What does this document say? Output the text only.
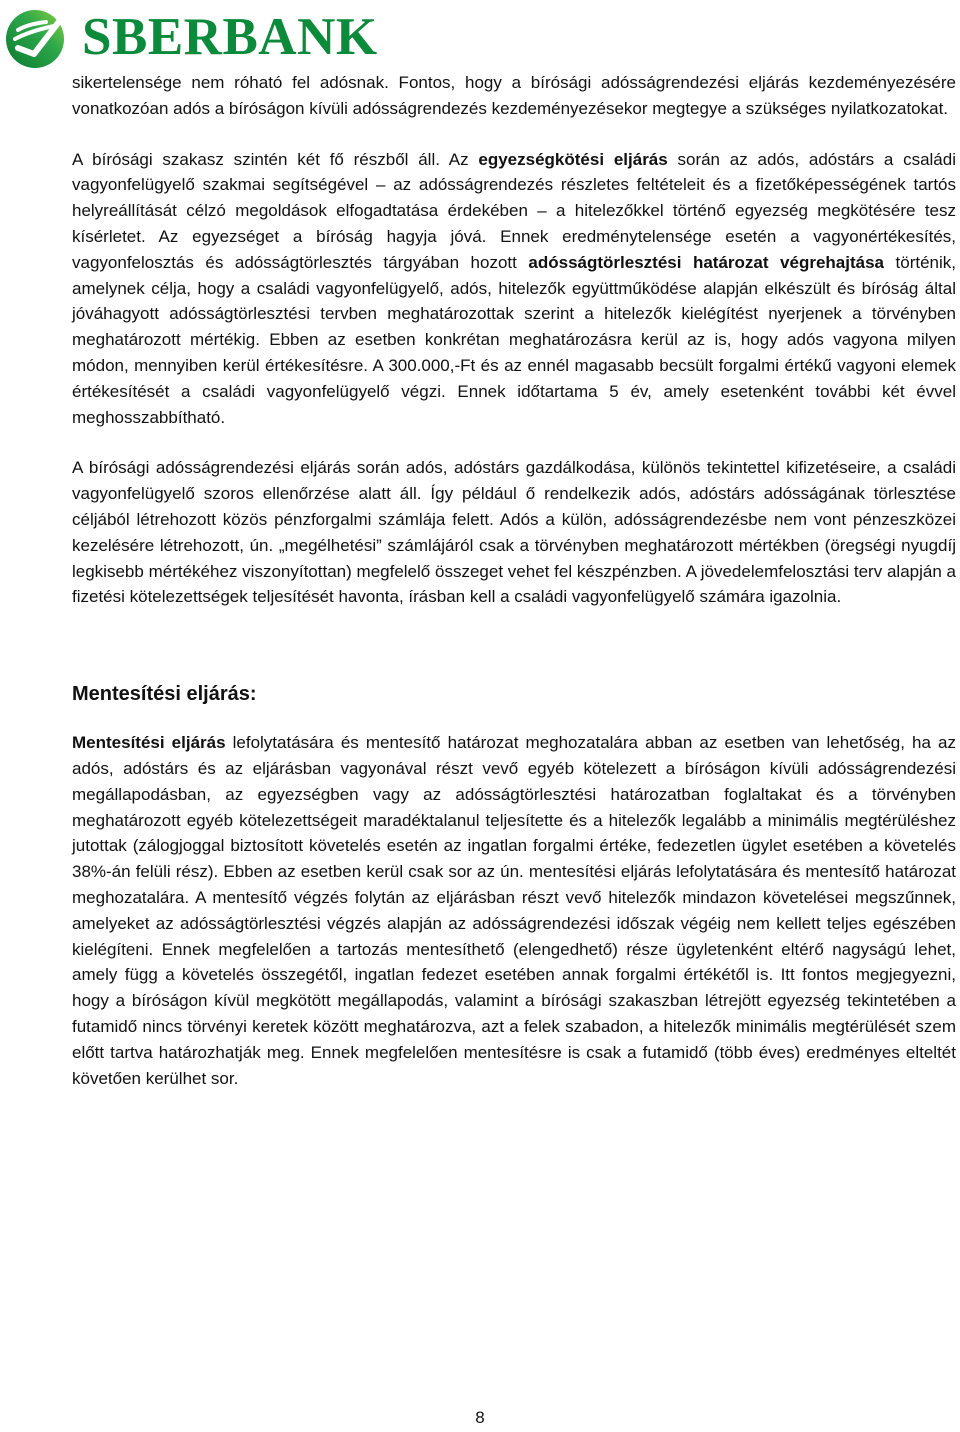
SBERBANK

sikertelensége nem róható fel adósnak. Fontos, hogy a bírósági adósságrendezési eljárás kezdeményezésére vonatkozóan adós a bíróságon kívüli adósságrendezés kezdeményezésekor megtegye a szükséges nyilatkozatokat.

A bírósági szakasz szintén két fő részből áll. Az egyezségkötési eljárás során az adós, adóstárs a családi vagyonfelügyelő szakmai segítségével – az adósságrendezés részletes feltételeit és a fizetőképességének tartós helyreállítását célzó megoldások elfogadtatása érdekében – a hitelezőkkel történő egyezség megkötésére tesz kísérletet. Az egyezséget a bíróság hagyja jóvá. Ennek eredménytelensége esetén a vagyonértékesítés, vagyonfelosztás és adósságtörlesztés tárgyában hozott adósságtörlesztési határozat végrehajtása történik, amelynek célja, hogy a családi vagyonfelügyelő, adós, hitelezők együttműködése alapján elkészült és bíróság által jóváhagyott adósságtörlesztési tervben meghatározottak szerint a hitelezők kielégítést nyerjenek a törvényben meghatározott mértékig. Ebben az esetben konkrétan meghatározásra kerül az is, hogy adós vagyona milyen módon, mennyiben kerül értékesítésre. A 300.000,-Ft és az ennél magasabb becsült forgalmi értékű vagyoni elemek értékesítését a családi vagyonfelügyelő végzi. Ennek időtartama 5 év, amely esetenként további két évvel meghosszabbítható.

A bírósági adósságrendezési eljárás során adós, adóstárs gazdálkodása, különös tekintettel kifizetéseire, a családi vagyonfelügyelő szoros ellenőrzése alatt áll. Így például ő rendelkezik adós, adóstárs adósságának törlesztése céljából létrehozott közös pénzforgalmi számlája felett. Adós a külön, adósságrendezésbe nem vont pénzeszközei kezelésére létrehozott, ún. „megélhetési” számlájáról csak a törvényben meghatározott mértékben (öregségi nyugdíj legkisebb mértékéhez viszonyítottan) megfelelő összeget vehet fel készpénzben. A jövedelemfelosztási terv alapján a fizetési kötelezettségek teljesítését havonta, írásban kell a családi vagyonfelügyelő számára igazolnia.

Mentesítési eljárás:

Mentesítési eljárás lefolytatására és mentesítő határozat meghozatalára abban az esetben van lehetőség, ha az adós, adóstárs és az eljárásban vagyonával részt vevő egyéb kötelezett a bíróságon kívüli adósságrendezési megállapodásban, az egyezségben vagy az adósságtörlesztési határozatban foglaltakat és a törvényben meghatározott egyéb kötelezettségeit maradéktalanul teljesítette és a hitelezők legalább a minimális megtérüléshez jutottak (zálogjoggal biztosított követelés esetén az ingatlan forgalmi értéke, fedezetlen ügylet esetében a követelés 38%-án felüli rész). Ebben az esetben kerül csak sor az ún. mentesítési eljárás lefolytatására és mentesítő határozat meghozatalára. A mentesítő végzés folytán az eljárásban részt vevő hitelezők mindazon követelései megszűnnek, amelyeket az adósságtörlesztési végzés alapján az adósságrendezési időszak végéig nem kellett teljes egészében kielégíteni. Ennek megfelelően a tartozás mentesíthető (elengedhető) része ügyletenként eltérő nagyságú lehet, amely függ a követelés összegétől, ingatlan fedezet esetében annak forgalmi értékétől is. Itt fontos megjegyezni, hogy a bíróságon kívül megkötött megállapodás, valamint a bírósági szakaszban létrejött egyezség tekintetében a futamidő nincs törvényi keretek között meghatározva, azt a felek szabadon, a hitelezők minimális megtérülését szem előtt tartva határozhatják meg. Ennek megfelelően mentesítésre is csak a futamidő (több éves) eredményes elteltét követően kerülhet sor.

8
